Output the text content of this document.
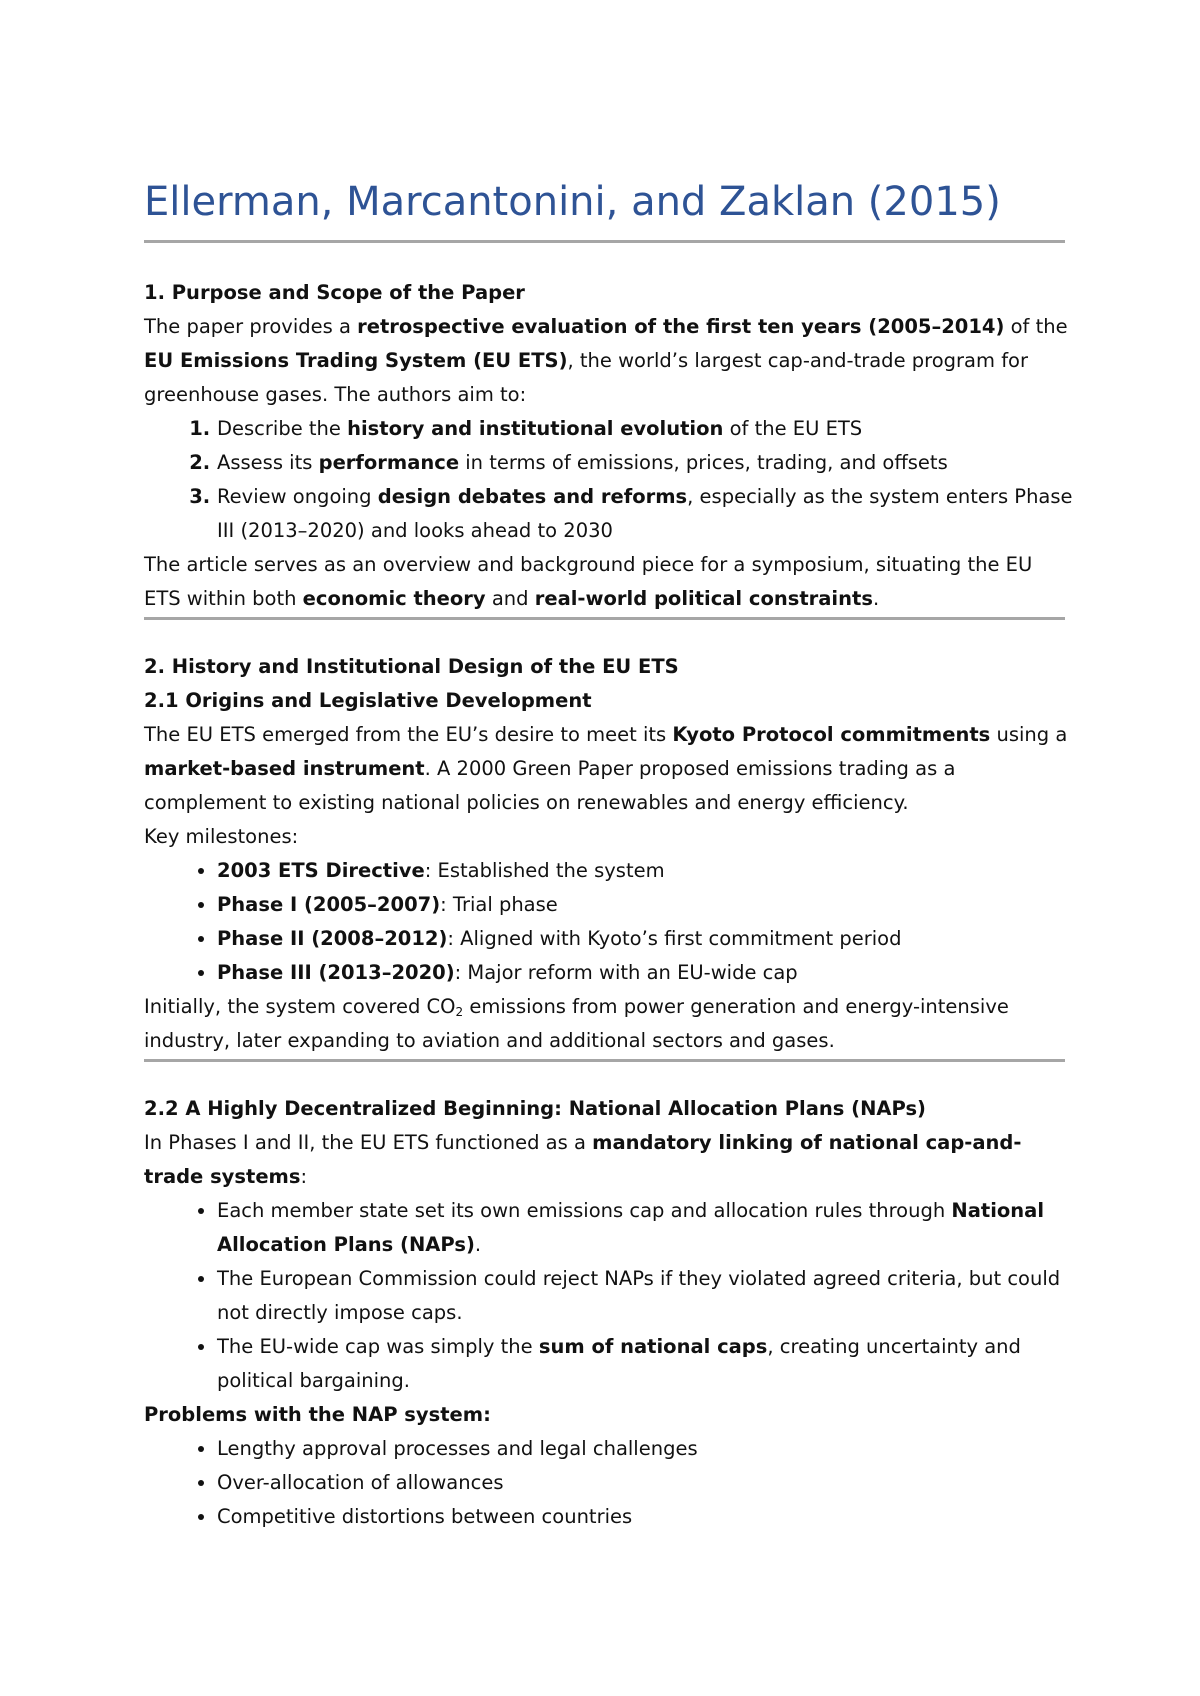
Ellerman, Marcantonini, and Zaklan (2015)

1. Purpose and Scope of the Paper

The paper provides a retrospective evaluation of the first ten years (2005–2014) of the EU Emissions Trading System (EU ETS), the world’s largest cap-and-trade program for greenhouse gases. The authors aim to:

1. Describe the history and institutional evolution of the EU ETS
2. Assess its performance in terms of emissions, prices, trading, and offsets
3. Review ongoing design debates and reforms, especially as the system enters Phase III (2013–2020) and looks ahead to 2030

The article serves as an overview and background piece for a symposium, situating the EU ETS within both economic theory and real-world political constraints.

2. History and Institutional Design of the EU ETS

2.1 Origins and Legislative Development

The EU ETS emerged from the EU’s desire to meet its Kyoto Protocol commitments using a market-based instrument. A 2000 Green Paper proposed emissions trading as a complement to existing national policies on renewables and energy efficiency.

Key milestones:

• 2003 ETS Directive: Established the system
• Phase I (2005–2007): Trial phase
• Phase II (2008–2012): Aligned with Kyoto’s first commitment period
• Phase III (2013–2020): Major reform with an EU-wide cap

Initially, the system covered $CO_2$ emissions from power generation and energy-intensive industry, later expanding to aviation and additional sectors and gases.

2.2 A Highly Decentralized Beginning: National Allocation Plans (NAPs)

In Phases I and II, the EU ETS functioned as a mandatory linking of national cap-and-trade systems:

• Each member state set its own emissions cap and allocation rules through National Allocation Plans (NAPs).
• The European Commission could reject NAPs if they violated agreed criteria, but could not directly impose caps.
• The EU-wide cap was simply the sum of national caps, creating uncertainty and political bargaining.

Problems with the NAP system:

• Lengthy approval processes and legal challenges
• Over-allocation of allowances
• Competitive distortions between countries
